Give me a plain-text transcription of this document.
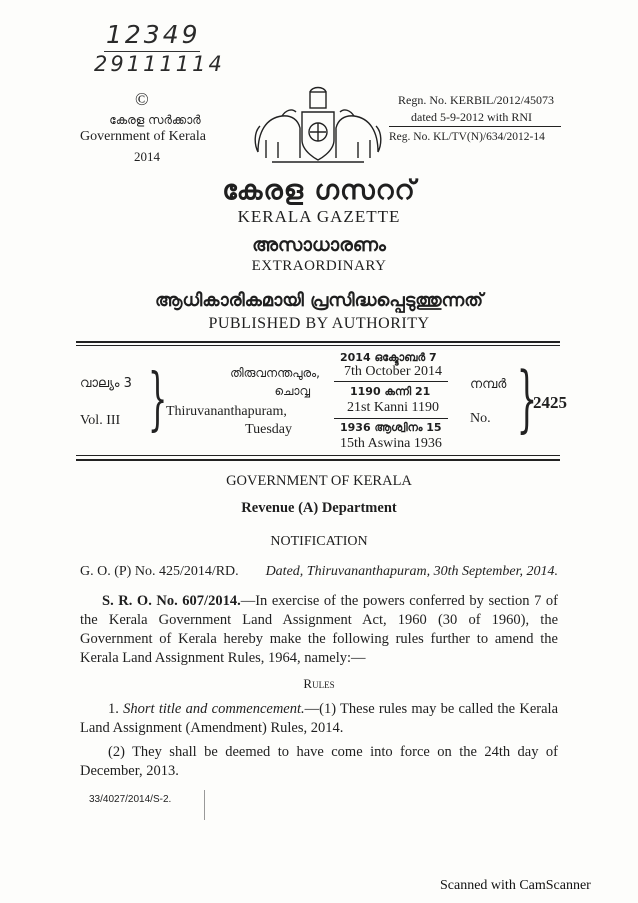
12349
29111114
©
കേരള സർക്കാർ
Government of Kerala
2014
Regn. No. KERBIL/2012/45073
dated 5-9-2012 with RNI
Reg. No. KL/TV(N)/634/2012-14
കേരള ഗസററ്
KERALA GAZETTE
അസാധാരണം
EXTRAORDINARY
ആധികാരികമായി പ്രസിദ്ധപ്പെടുത്തുന്നത്
PUBLISHED BY AUTHORITY
വാല്യം 3
Vol. III }	തിരുവനന്തപുരം,
ചൊവ്വ
Thiruvananthapuram,
Tuesday
2014 ഒക്ടോബർ 7
7th October 2014
1190 കന്നി 21
21st Kanni 1190
1936 ആശ്വിനം 15
15th Aswina 1936
നമ്പർ
No. }
2425
GOVERNMENT OF KERALA
Revenue (A) Department
NOTIFICATION
G. O. (P) No. 425/2014/RD.	Dated, Thiruvananthapuram, 30th September, 2014.
S. R. O. No. 607/2014.—In exercise of the powers conferred by section 7 of the Kerala Government Land Assignment Act, 1960 (30 of 1960), the Government of Kerala hereby make the following rules further to amend the Kerala Land Assignment Rules, 1964, namely:—
Rules
1. Short title and commencement.—(1) These rules may be called the Kerala Land Assignment (Amendment) Rules, 2014.
(2) They shall be deemed to have come into force on the 24th day of December, 2013.
33/4027/2014/S-2.
Scanned with CamScanner
